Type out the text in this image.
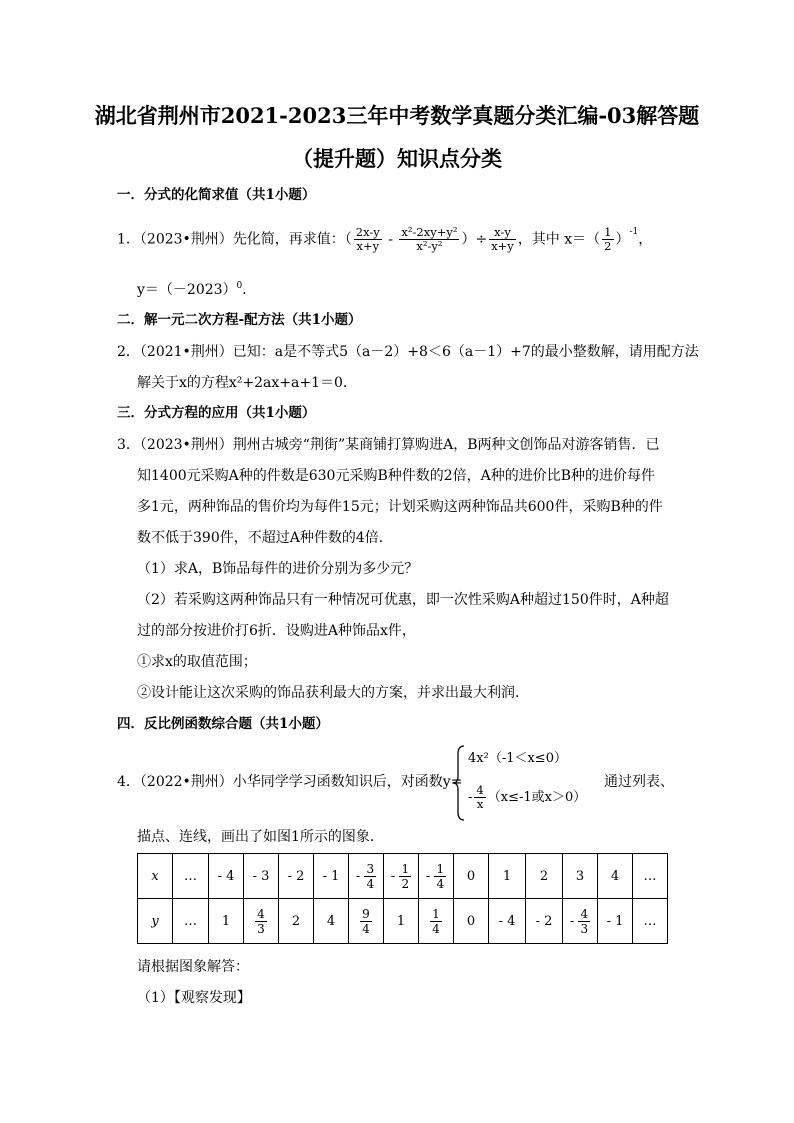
湖北省荆州市2021-2023三年中考数学真题分类汇编-03解答题
（提升题）知识点分类
一．分式的化简求值（共1小题）
1．（2023•荆州）先化简，再求值：（ $\frac{2x-y}{x+y} - \frac{\text{x²-2xy+y²}}{\text{x²-y²}}$ ）÷ $\frac{x-y}{x+y}$ ，其中 $x=( \frac{1}{2} )^{-1}$，
$y=(-2023)^0$．
二．解一元二次方程-配方法（共1小题）
2．（2021•荆州）已知：a是不等式5（a－2）+8＜6（a－1）+7的最小整数解，请用配方法
解关于x的方程x²+2ax+a+1＝0．
三．分式方程的应用（共1小题）
3．（2023•荆州）荆州古城旁“荆街”某商铺打算购进A，B两种文创饰品对游客销售．已
知1400元采购A种的件数是630元采购B种件数的2倍，A种的进价比B种的进价每件
多1元，两种饰品的售价均为每件15元；计划采购这两种饰品共600件，采购B种的件
数不低于390件，不超过A种件数的4倍．
（1）求A，B饰品每件的进价分别为多少元？
（2）若采购这两种饰品只有一种情况可优惠，即一次性采购A种超过150件时，A种超
过的部分按进价打6折．设购进A种饰品x件，
①求x的取值范围；
②设计能让这次采购的饰品获利最大的方案，并求出最大利润．
四．反比例函数综合题（共1小题）
4．（2022•荆州）小华同学学习函数知识后，对函数y=
4x²（-1＜x≤0）
- $\frac{4}{x} (x\le-1$或x＞0）
通过列表、
描点、连线，画出了如图1所示的图象．
x	…	- 4	- 3	- 2	- 1	- $\frac{3}{4}$	- $\frac{1}{2}$	- $\frac{1}{4}$	0	1	2	3	4	…
y	…	1	$\frac{4}{3}$	2	4	$\frac{9}{4}$	1	$\frac{1}{4}$	0	- 4	- 2	- $\frac{4}{3}$	- 1	…
请根据图象解答：
（1）【观察发现】
